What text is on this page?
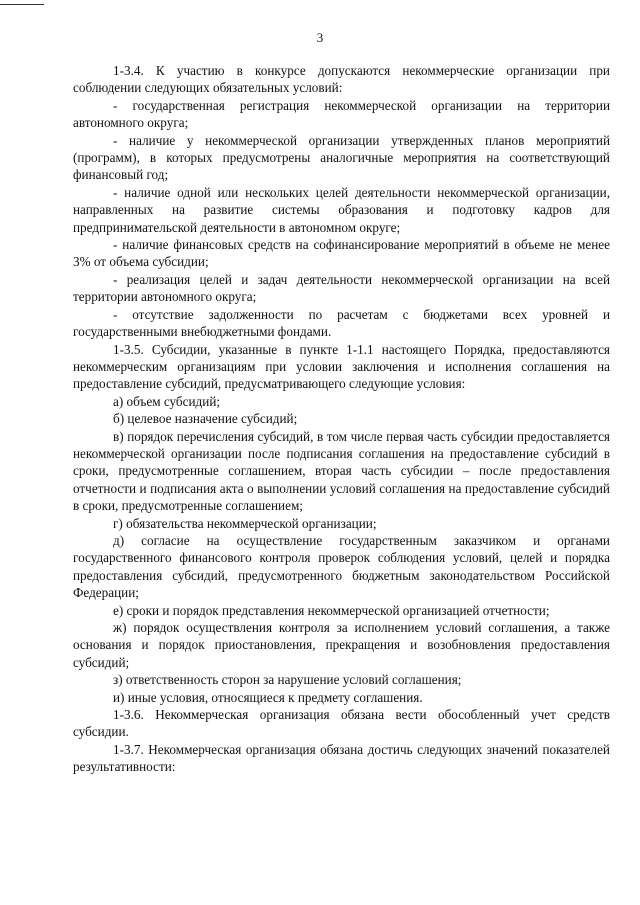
3

1-3.4. К участию в конкурсе допускаются некоммерческие организации при соблюдении следующих обязательных условий:

- государственная регистрация некоммерческой организации на территории автономного округа;

- наличие у некоммерческой организации утвержденных планов мероприятий (программ), в которых предусмотрены аналогичные мероприятия на соответствующий финансовый год;

- наличие одной или нескольких целей деятельности некоммерческой организации, направленных на развитие системы образования и подготовку кадров для предпринимательской деятельности в автономном округе;

- наличие финансовых средств на софинансирование мероприятий в объеме не менее 3% от объема субсидии;

- реализация целей и задач деятельности некоммерческой организации на всей территории автономного округа;

- отсутствие задолженности по расчетам с бюджетами всех уровней и государственными внебюджетными фондами.

1-3.5. Субсидии, указанные в пункте 1-1.1 настоящего Порядка, предоставляются некоммерческим организациям при условии заключения и исполнения соглашения на предоставление субсидий, предусматривающего следующие условия:

а) объем субсидий;

б) целевое назначение субсидий;

в) порядок перечисления субсидий, в том числе первая часть субсидии предоставляется некоммерческой организации после подписания соглашения на предоставление субсидий в сроки, предусмотренные соглашением, вторая часть субсидии – после предоставления отчетности и подписания акта о выполнении условий соглашения на предоставление субсидий в сроки, предусмотренные соглашением;

г) обязательства некоммерческой организации;

д) согласие на осуществление государственным заказчиком и органами государственного финансового контроля проверок соблюдения условий, целей и порядка предоставления субсидий, предусмотренного бюджетным законодательством Российской Федерации;

е) сроки и порядок представления некоммерческой организацией отчетности;

ж) порядок осуществления контроля за исполнением условий соглашения, а также основания и порядок приостановления, прекращения и возобновления предоставления субсидий;

з) ответственность сторон за нарушение условий соглашения;

и) иные условия, относящиеся к предмету соглашения.

1-3.6. Некоммерческая организация обязана вести обособленный учет средств субсидии.

1-3.7. Некоммерческая организация обязана достичь следующих значений показателей результативности:
